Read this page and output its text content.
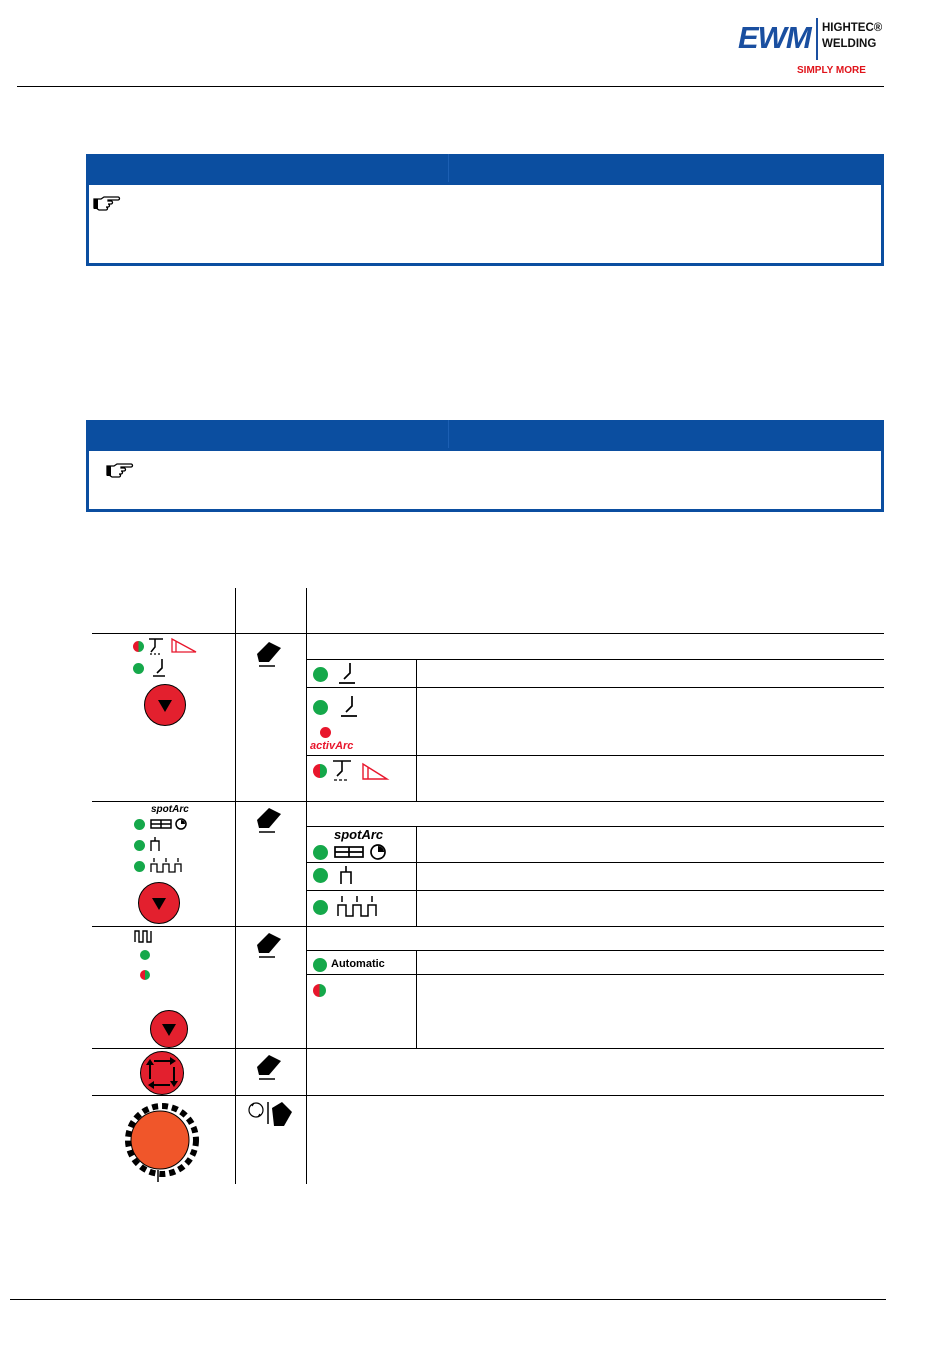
EWM HIGHTEC®
WELDING
SIMPLY MORE
activArc
spotArc
spotArc
Automatic
